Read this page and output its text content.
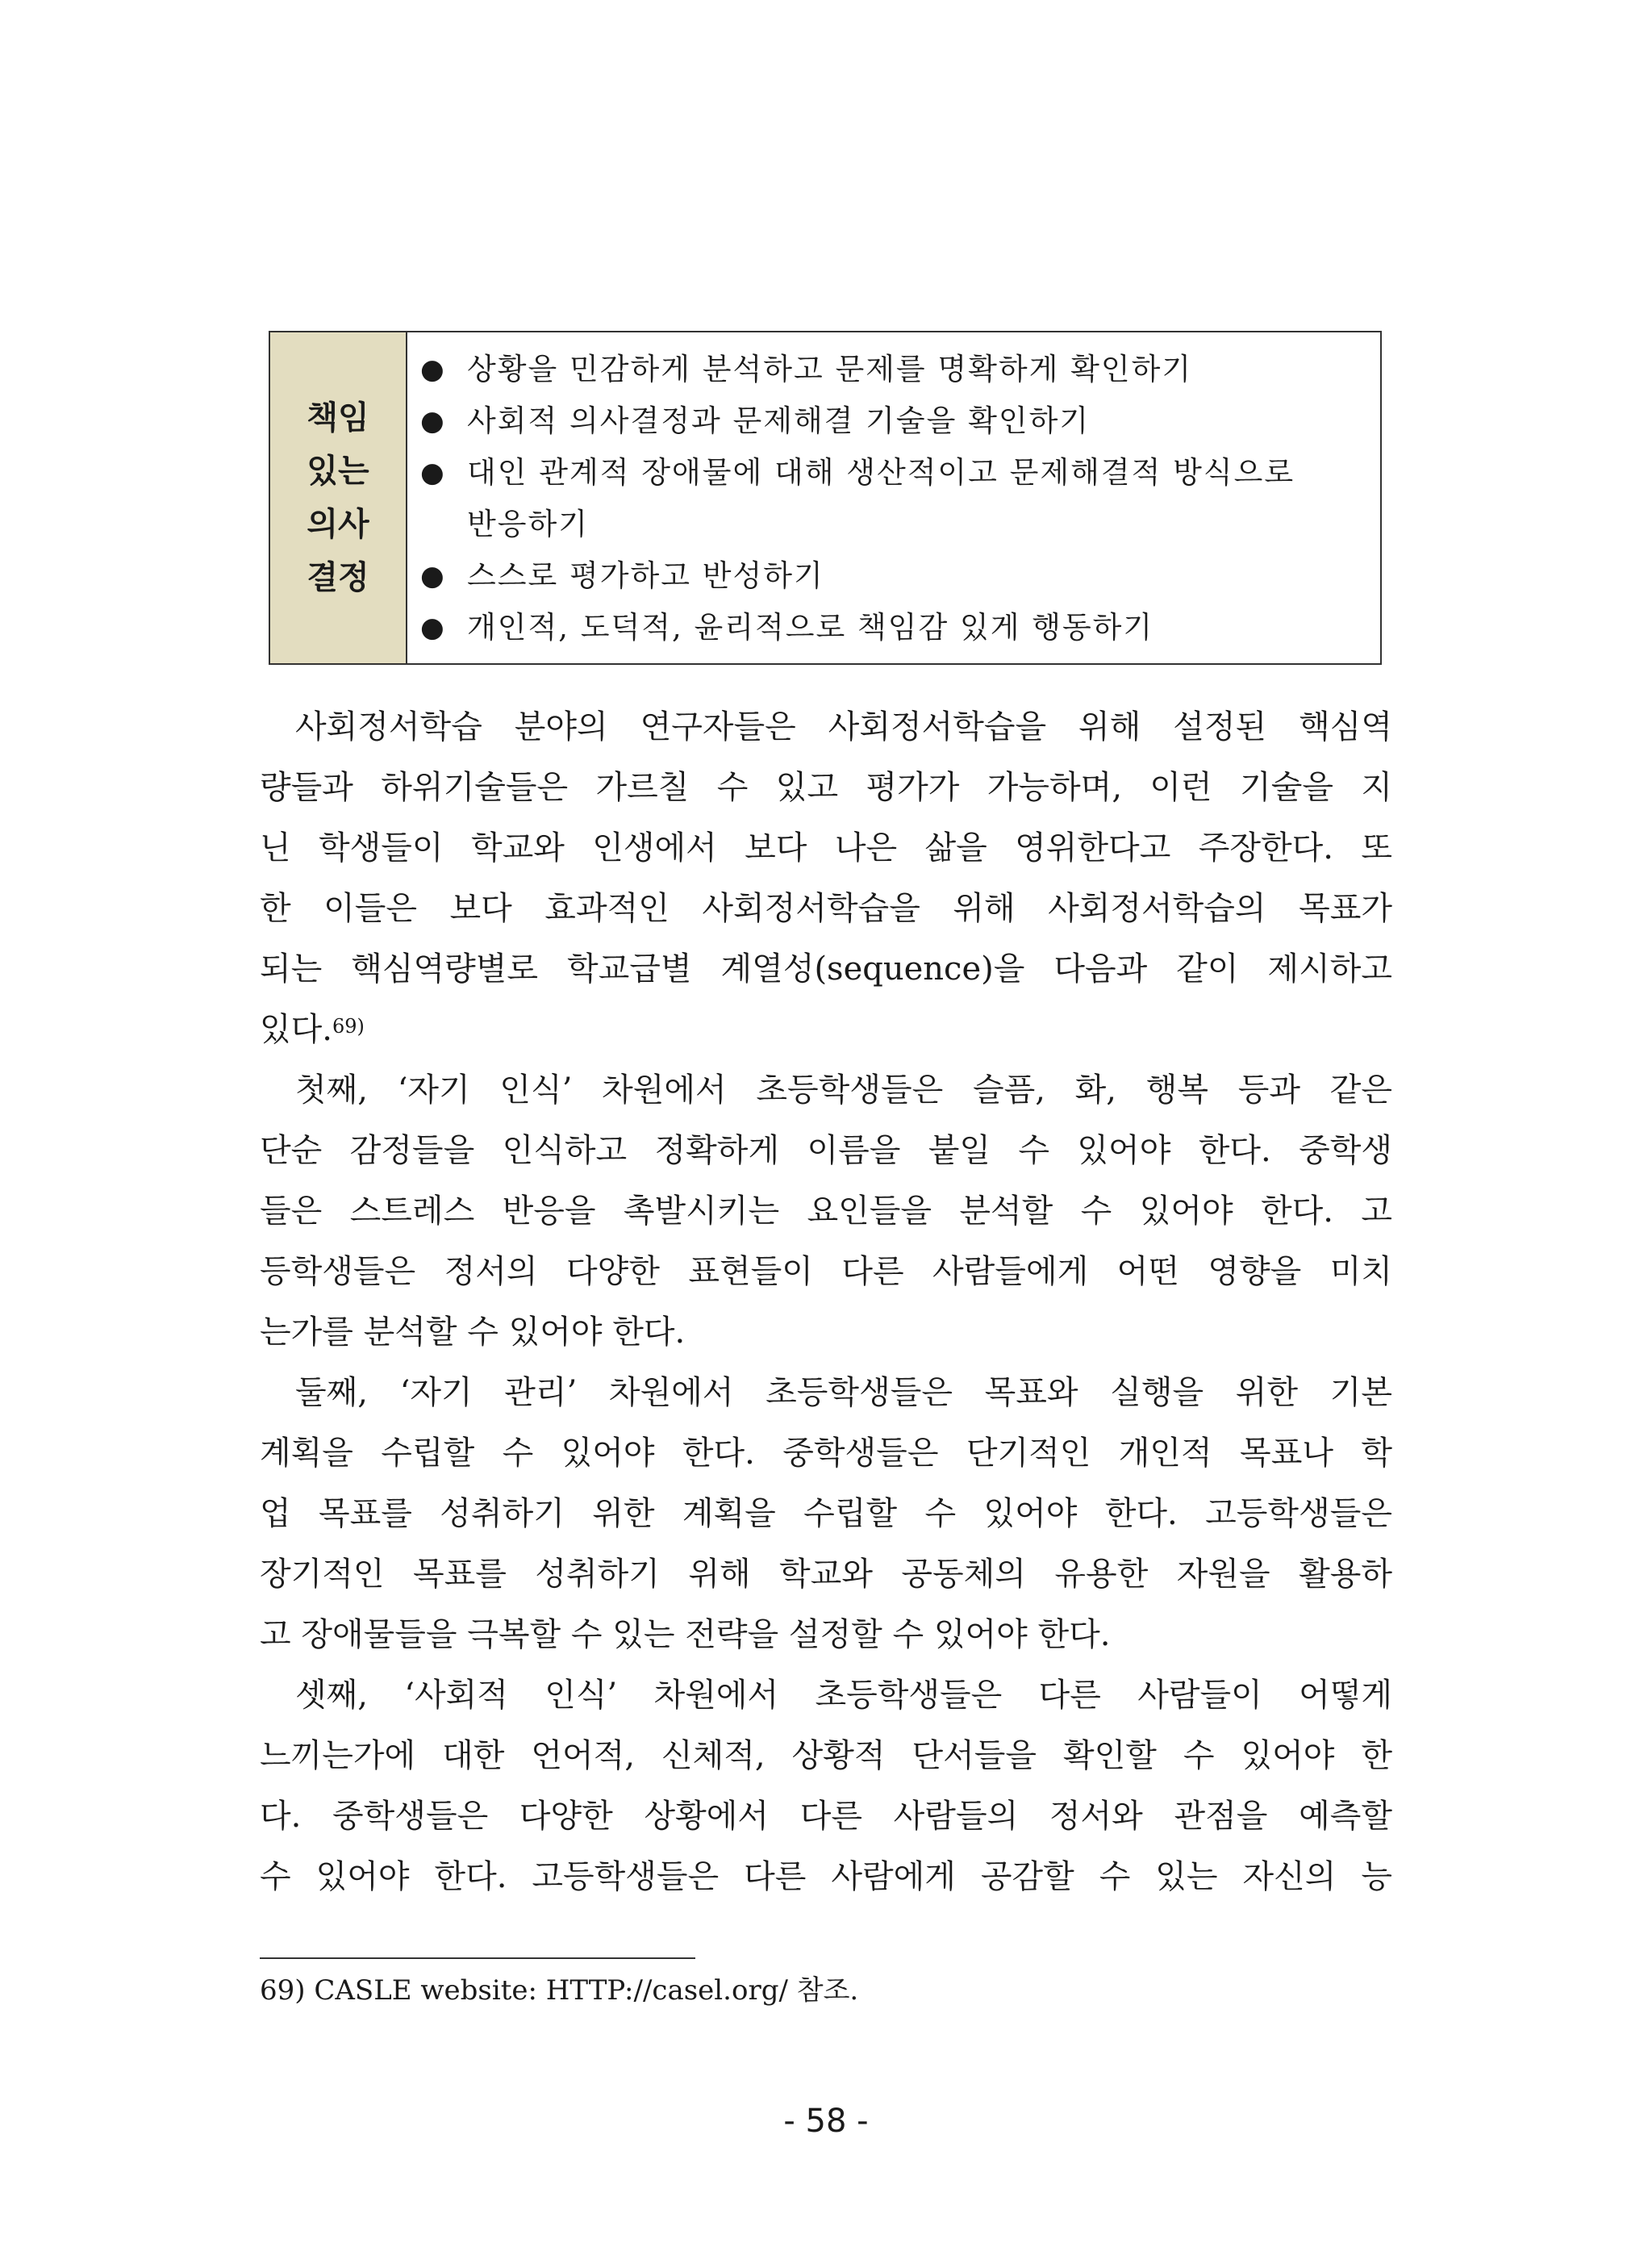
책임
있는
의사
결정
● 상황을 민감하게 분석하고 문제를 명확하게 확인하기
● 사회적 의사결정과 문제해결 기술을 확인하기
● 대인 관계적 장애물에 대해 생산적이고 문제해결적 방식으로
반응하기
● 스스로 평가하고 반성하기
● 개인적, 도덕적, 윤리적으로 책임감 있게 행동하기
사회정서학습 분야의 연구자들은 사회정서학습을 위해 설정된 핵심역
량들과 하위기술들은 가르칠 수 있고 평가가 가능하며, 이런 기술을 지
닌 학생들이 학교와 인생에서 보다 나은 삶을 영위한다고 주장한다. 또
한 이들은 보다 효과적인 사회정서학습을 위해 사회정서학습의 목표가
되는 핵심역량별로 학교급별 계열성(sequence)을 다음과 같이 제시하고
있다.$^{69)}$
첫째, ‘자기 인식’ 차원에서 초등학생들은 슬픔, 화, 행복 등과 같은
단순 감정들을 인식하고 정확하게 이름을 붙일 수 있어야 한다. 중학생
들은 스트레스 반응을 촉발시키는 요인들을 분석할 수 있어야 한다. 고
등학생들은 정서의 다양한 표현들이 다른 사람들에게 어떤 영향을 미치
는가를 분석할 수 있어야 한다.
둘째, ‘자기 관리’ 차원에서 초등학생들은 목표와 실행을 위한 기본
계획을 수립할 수 있어야 한다. 중학생들은 단기적인 개인적 목표나 학
업 목표를 성취하기 위한 계획을 수립할 수 있어야 한다. 고등학생들은
장기적인 목표를 성취하기 위해 학교와 공동체의 유용한 자원을 활용하
고 장애물들을 극복할 수 있는 전략을 설정할 수 있어야 한다.
셋째, ‘사회적 인식’ 차원에서 초등학생들은 다른 사람들이 어떻게
느끼는가에 대한 언어적, 신체적, 상황적 단서들을 확인할 수 있어야 한
다. 중학생들은 다양한 상황에서 다른 사람들의 정서와 관점을 예측할
수 있어야 한다. 고등학생들은 다른 사람에게 공감할 수 있는 자신의 능
69) CASLE website: HTTP://casel.org/ 참조.
- 58 -
